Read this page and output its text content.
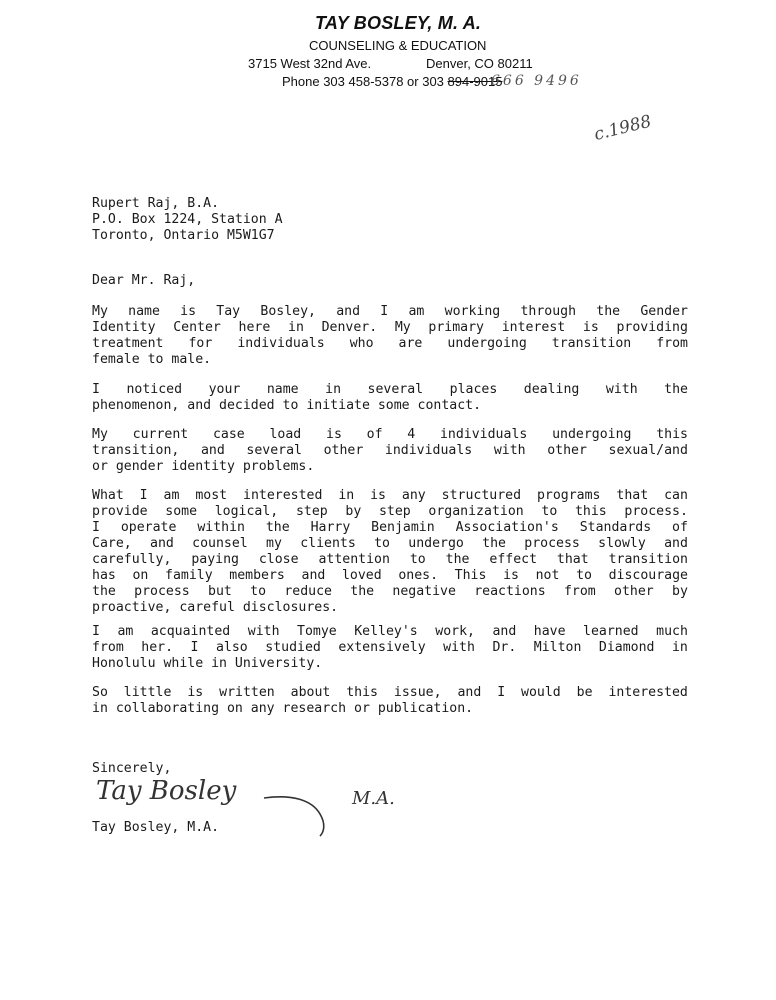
TAY BOSLEY, M. A.
COUNSELING & EDUCATION
3715 West 32nd Ave.	Denver, CO 80211
Phone 303 458-5378 or 303 894-9015
666 9496
c.1988
Rupert Raj, B.A.
P.O. Box 1224, Station A
Toronto, Ontario M5W1G7
Dear Mr. Raj,
My name is Tay Bosley, and I am working through the Gender
Identity Center here in Denver. My primary interest is providing
treatment for individuals who are undergoing transition from
female to male.
I noticed your name in several places dealing with the
phenomenon, and decided to initiate some contact.
My current case load is of 4 individuals undergoing this
transition, and several other individuals with other sexual/and
or gender identity problems.
What I am most interested in is any structured programs that can
provide some logical, step by step organization to this process.
I operate within the Harry Benjamin Association's Standards of
Care, and counsel my clients to undergo the process slowly and
carefully, paying close attention to the effect that transition
has on family members and loved ones. This is not to discourage
the process but to reduce the negative reactions from other by
proactive, careful disclosures.
I am acquainted with Tomye Kelley's work, and have learned much
from her. I also studied extensively with Dr. Milton Diamond in
Honolulu while in University.
So little is written about this issue, and I would be interested
in collaborating on any research or publication.
Sincerely,
Tay Bosley, M.A.
Tay Bosley	M.A.
